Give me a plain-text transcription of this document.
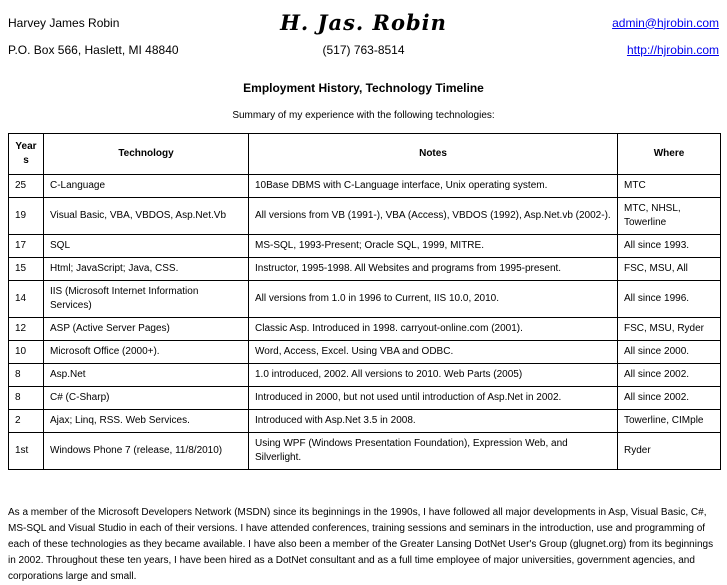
Harvey James Robin	H. Jas. Robin	admin@hjrobin.com
P.O. Box 566, Haslett, MI 48840	(517) 763-8514	http://hjrobin.com
Employment History, Technology Timeline
Summary of my experience with the following technologies:
Years	Technology	Notes	Where
25	C-Language	10Base DBMS with C-Language interface, Unix operating system.	MTC
19	Visual Basic, VBA, VBDOS, Asp.Net.Vb	All versions from VB (1991-), VBA (Access), VBDOS (1992), Asp.Net.vb (2002-).	MTC, NHSL, Towerline
17	SQL	MS-SQL, 1993-Present; Oracle SQL, 1999, MITRE.	All since 1993.
15	Html; JavaScript; Java, CSS.	Instructor, 1995-1998. All Websites and programs from 1995-present.	FSC, MSU, All
14	IIS (Microsoft Internet Information Services)	All versions from 1.0 in 1996 to Current, IIS 10.0, 2010.	All since 1996.
12	ASP (Active Server Pages)	Classic Asp. Introduced in 1998. carryout-online.com (2001).	FSC, MSU, Ryder
10	Microsoft Office (2000+).	Word, Access, Excel. Using VBA and ODBC.	All since 2000.
8	Asp.Net	1.0 introduced, 2002. All versions to 2010. Web Parts (2005)	All since 2002.
8	C# (C-Sharp)	Introduced in 2000, but not used until introduction of Asp.Net in 2002.	All since 2002.
2	Ajax; Linq, RSS. Web Services.	Introduced with Asp.Net 3.5 in 2008.	Towerline, CIMple
1st	Windows Phone 7 (release, 11/8/2010)	Using WPF (Windows Presentation Foundation), Expression Web, and Silverlight.	Ryder

As a member of the Microsoft Developers Network (MSDN) since its beginnings in the 1990s, I have followed all major developments in Asp, Visual Basic, C#, MS-SQL and Visual Studio in each of their versions. I have attended conferences, training sessions and seminars in the introduction, use and programming of each of these technologies as they became available. I have also been a member of the Greater Lansing DotNet User's Group (glugnet.org) from its beginnings in 2002. Throughout these ten years, I have been hired as a DotNet consultant and as a full time employee of major universities, government agencies, and corporations large and small.
